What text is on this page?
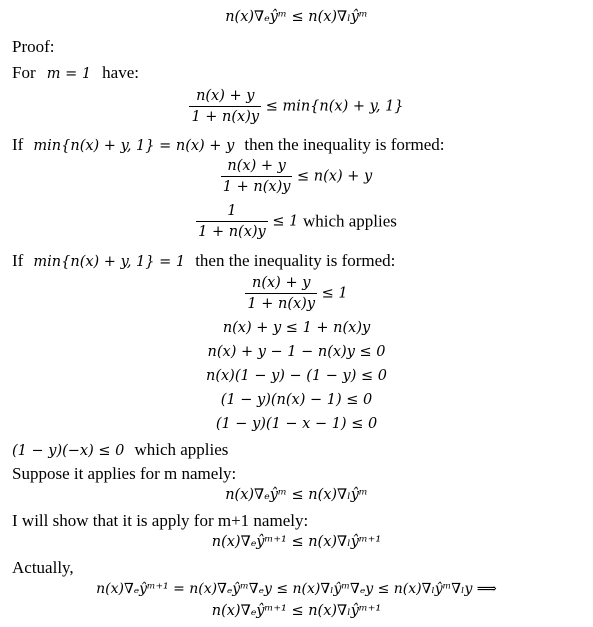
n(x)∇ₑŷᵐ ≤ n(x)∇ₗŷᵐ
Proof:
For m = 1 have:
$\frac{n(x) + y}{1 + n(x)y} \le \min\{n(x) + y$, 1}
If min{n(x) + y, 1} = n(x) + y then the inequality is formed:
$\frac{n(x) + y}{1 + n(x)y} \le n(x) + y$
$\frac{1}{1 + n(x)y} \le 1$ which applies
If min{n(x) + y, 1} = 1 then the inequality is formed:
$\frac{n(x) + y}{1 + n(x)y} \le 1$
n(x) + y ≤ 1 + n(x)y
n(x) + y − 1 − n(x)y ≤ 0
n(x)(1 − y) − (1 − y) ≤ 0
(1 − y)(n(x) − 1) ≤ 0
(1 − y)(1 − x − 1) ≤ 0
(1 − y)(−x) ≤ 0 which applies
Suppose it applies for m namely:
n(x)∇ₑŷᵐ ≤ n(x)∇ₗŷᵐ
I will show that it is apply for m+1 namely:
n(x)∇ₑŷᵐ⁺¹ ≤ n(x)∇ₗŷᵐ⁺¹
Actually,
n(x)∇ₑŷᵐ⁺¹ = n(x)∇ₑŷᵐ∇ₑy ≤ n(x)∇ₗŷᵐ∇ₑy ≤ n(x)∇ₗŷᵐ∇ₗy ⟹
n(x)∇ₑŷᵐ⁺¹ ≤ n(x)∇ₗŷᵐ⁺¹
